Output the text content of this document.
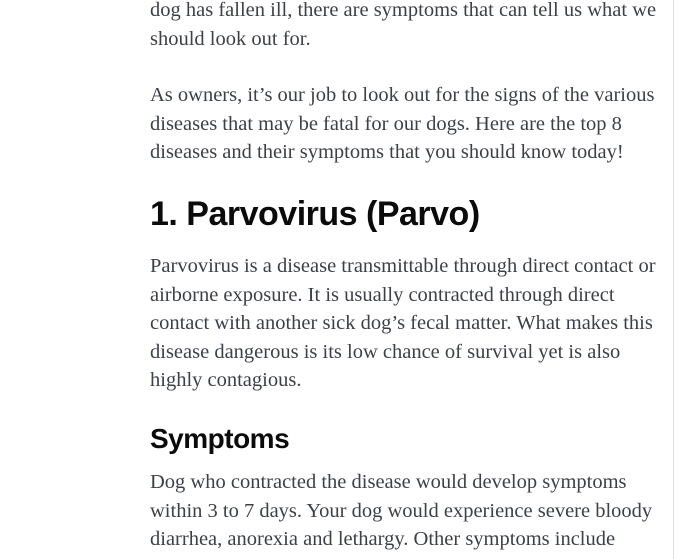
dog has fallen ill, there are symptoms that can tell us what we
should look out for.

As owners, it’s our job to look out for the signs of the various
diseases that may be fatal for our dogs. Here are the top 8
diseases and their symptoms that you should know today!

1. Parvovirus (Parvo)

Parvovirus is a disease transmittable through direct contact or
airborne exposure. It is usually contracted through direct
contact with another sick dog’s fecal matter. What makes this
disease dangerous is its low chance of survival yet is also
highly contagious.

Symptoms

Dog who contracted the disease would develop symptoms
within 3 to 7 days. Your dog would experience severe bloody
diarrhea, anorexia and lethargy. Other symptoms include
